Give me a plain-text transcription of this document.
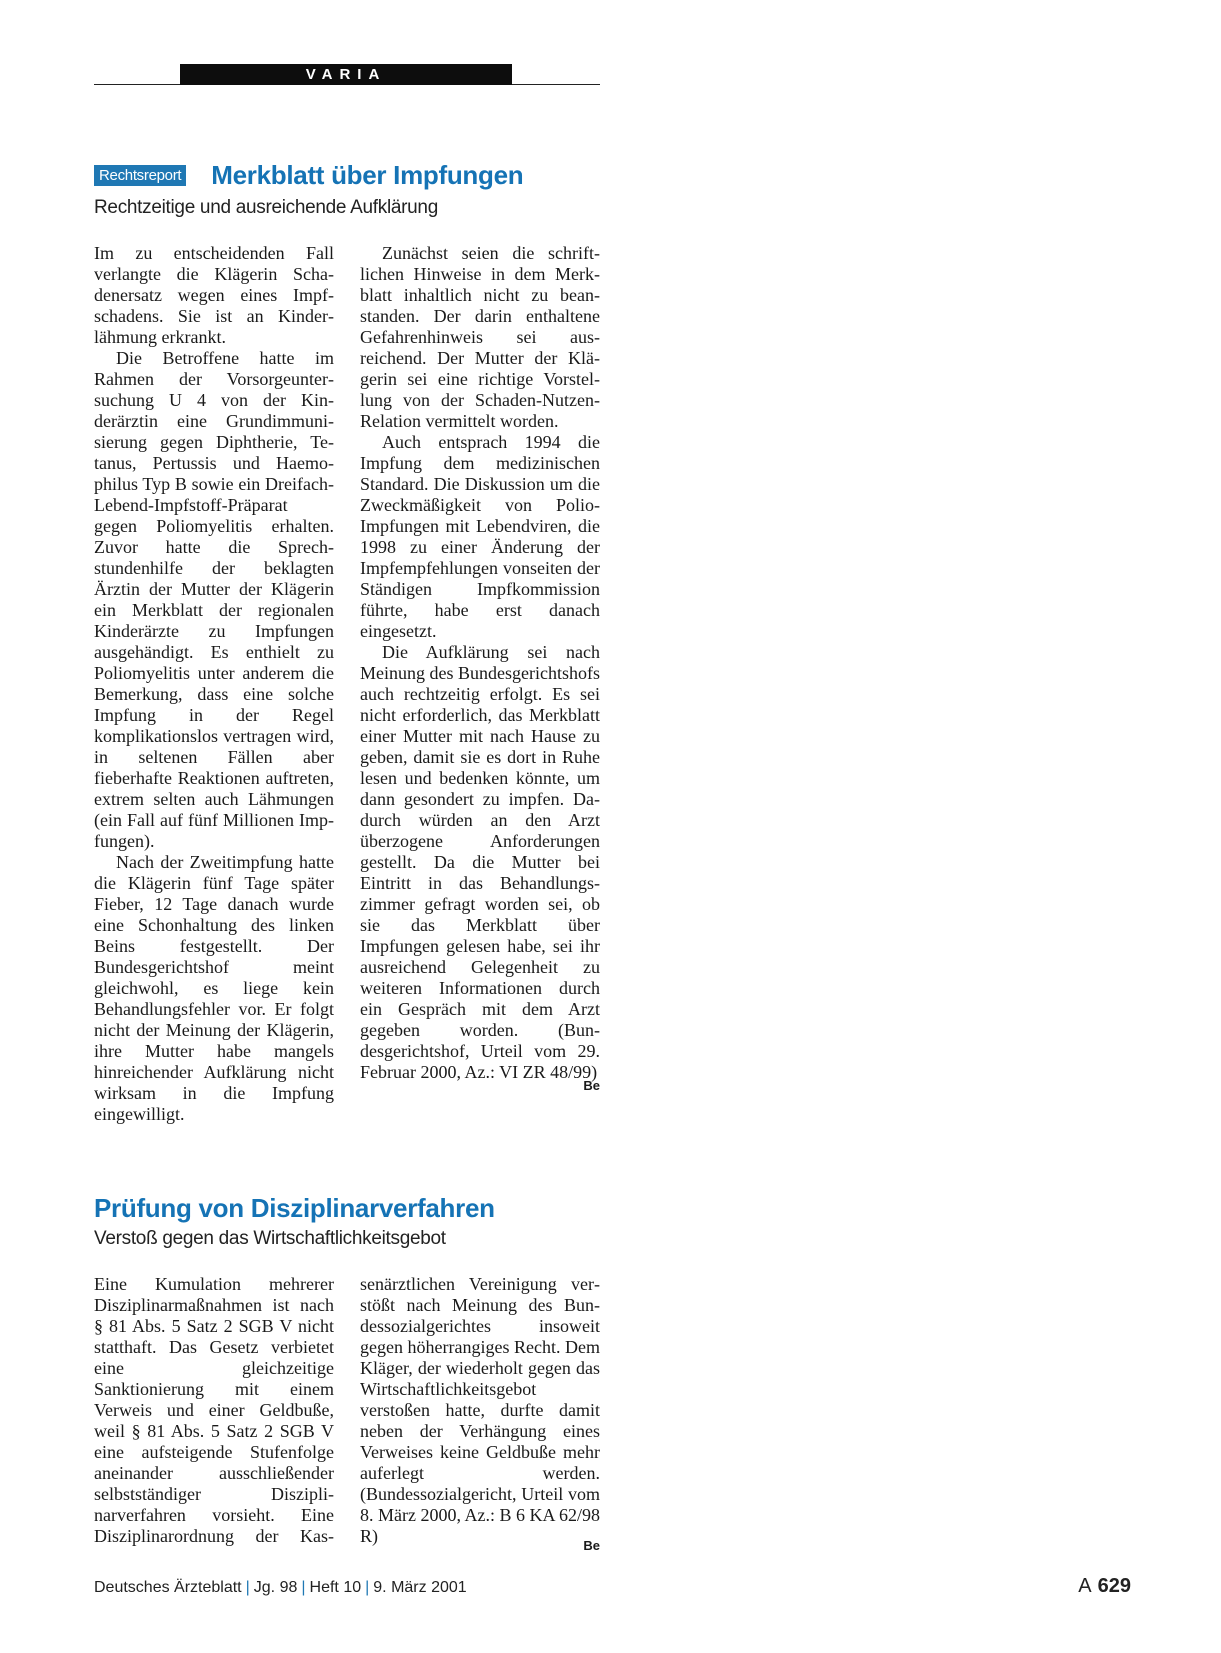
VARIA
Rechtsreport Merkblatt über Impfungen
Rechtzeitige und ausreichende Aufklärung

Im zu entscheidenden Fall verlangte die Klägerin Schadenersatz wegen eines Impfschadens. Sie ist an Kinderlähmung erkrankt.

Die Betroffene hatte im Rahmen der Vorsorgeuntersuchung U 4 von der Kinderärztin eine Grundimmunisierung gegen Diphtherie, Tetanus, Pertussis und Haemophilus Typ B sowie ein Dreifach-Lebend-Impfstoff-Präparat gegen Poliomyelitis erhalten. Zuvor hatte die Sprechstundenhilfe der beklagten Ärztin der Mutter der Klägerin ein Merkblatt der regionalen Kinderärzte zu Impfungen ausgehändigt. Es enthielt zu Poliomyelitis unter anderem die Bemerkung, dass eine solche Impfung in der Regel komplikationslos vertragen wird, in seltenen Fällen aber fieberhafte Reaktionen auftreten, extrem selten auch Lähmungen (ein Fall auf fünf Millionen Impfungen).

Nach der Zweitimpfung hatte die Klägerin fünf Tage später Fieber, 12 Tage danach wurde eine Schonhaltung des linken Beins festgestellt. Der Bundesgerichtshof meint gleichwohl, es liege kein Behandlungsfehler vor. Er folgt nicht der Meinung der Klägerin, ihre Mutter habe mangels hinreichender Aufklärung nicht wirksam in die Impfung eingewilligt.

Zunächst seien die schriftlichen Hinweise in dem Merkblatt inhaltlich nicht zu beanstanden. Der darin enthaltene Gefahrenhinweis sei ausreichend. Der Mutter der Klägerin sei eine richtige Vorstellung von der Schaden-Nutzen-Relation vermittelt worden.

Auch entsprach 1994 die Impfung dem medizinischen Standard. Die Diskussion um die Zweckmäßigkeit von Polio-Impfungen mit Lebendviren, die 1998 zu einer Änderung der Impfempfehlungen vonseiten der Ständigen Impfkommission führte, habe erst danach eingesetzt.

Die Aufklärung sei nach Meinung des Bundesgerichtshofs auch rechtzeitig erfolgt. Es sei nicht erforderlich, das Merkblatt einer Mutter mit nach Hause zu geben, damit sie es dort in Ruhe lesen und bedenken könnte, um dann gesondert zu impfen. Dadurch würden an den Arzt überzogene Anforderungen gestellt. Da die Mutter bei Eintritt in das Behandlungszimmer gefragt worden sei, ob sie das Merkblatt über Impfungen gelesen habe, sei ihr ausreichend Gelegenheit zu weiteren Informationen durch ein Gespräch mit dem Arzt gegeben worden. (Bundesgerichtshof, Urteil vom 29. Februar 2000, Az.: VI ZR 48/99)

Be
Prüfung von Disziplinarverfahren
Verstoß gegen das Wirtschaftlichkeitsgebot

Eine Kumulation mehrerer Disziplinarmaßnahmen ist nach § 81 Abs. 5 Satz 2 SGB V nicht statthaft. Das Gesetz verbietet eine gleichzeitige Sanktionierung mit einem Verweis und einer Geldbuße, weil § 81 Abs. 5 Satz 2 SGB V eine aufsteigende Stufenfolge aneinander ausschließender selbstständiger Disziplinarverfahren vorsieht. Eine Disziplinarordnung der Kassenärztlichen Vereinigung verstößt nach Meinung des Bundessozialgerichtes insoweit gegen höherrangiges Recht. Dem Kläger, der wiederholt gegen das Wirtschaftlichkeitsgebot verstoßen hatte, durfte damit neben der Verhängung eines Verweises keine Geldbuße mehr auferlegt werden. (Bundessozialgericht, Urteil vom 8. März 2000, Az.: B 6 KA 62/98 R)	Be
Deutsches Ärzteblatt | Jg. 98 | Heft 10 | 9. März 2001	A 629
